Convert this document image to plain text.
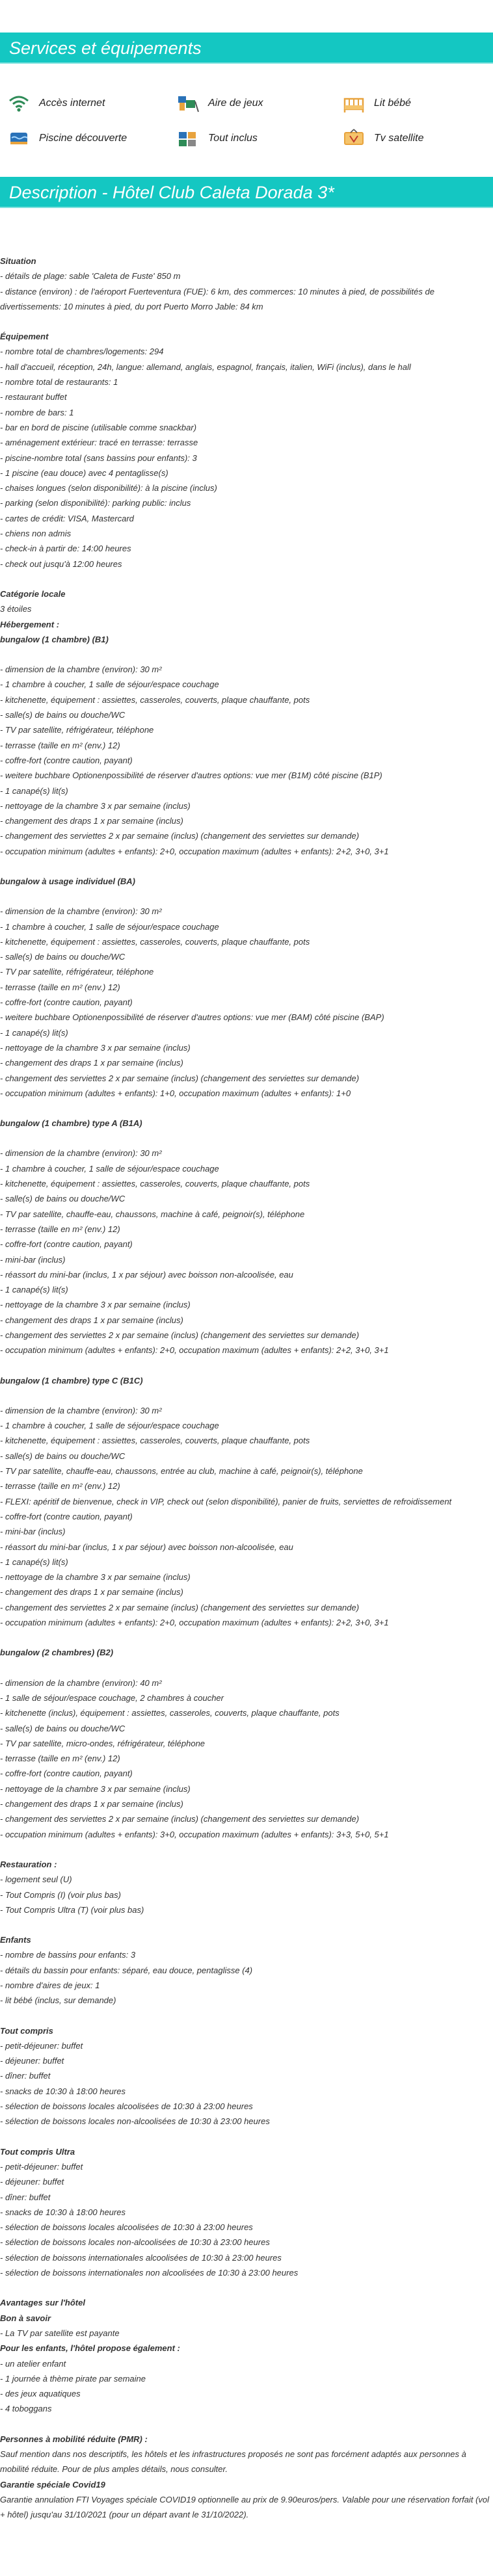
Services et équipements
Accès internet	Aire de jeux	Lit bébé
Piscine découverte	Tout inclus	Tv satellite
Description - Hôtel Club Caleta Dorada 3*
Situation
- détails de plage: sable 'Caleta de Fuste' 850 m
- distance (environ) : de l'aéroport Fuerteventura (FUE): 6 km, des commerces: 10 minutes à pied, de possibilités de divertissements: 10 minutes à pied, du port Puerto Morro Jable: 84 km
Équipement
- nombre total de chambres/logements: 294
- hall d'accueil, réception, 24h, langue: allemand, anglais, espagnol, français, italien, WiFi (inclus), dans le hall
- nombre total de restaurants: 1
- restaurant buffet
- nombre de bars: 1
- bar en bord de piscine (utilisable comme snackbar)
- aménagement extérieur: tracé en terrasse: terrasse
- piscine-nombre total (sans bassins pour enfants): 3
- 1 piscine (eau douce) avec 4 pentaglisse(s)
- chaises longues (selon disponibilité): à la piscine (inclus)
- parking (selon disponibilité): parking public: inclus
- cartes de crédit: VISA, Mastercard
- chiens non admis
- check-in à partir de: 14:00 heures
- check out jusqu'à 12:00 heures
Catégorie locale
3 étoiles
Hébergement :
bungalow (1 chambre) (B1)
- dimension de la chambre (environ): 30 m²
- 1 chambre à coucher, 1 salle de séjour/espace couchage
- kitchenette, équipement : assiettes, casseroles, couverts, plaque chauffante, pots
- salle(s) de bains ou douche/WC
- TV par satellite, réfrigérateur, téléphone
- terrasse (taille en m² (env.) 12)
- coffre-fort (contre caution, payant)
- weitere buchbare Optionenpossibilité de réserver d'autres options: vue mer (B1M) côté piscine (B1P)
- 1 canapé(s) lit(s)
- nettoyage de la chambre 3 x par semaine (inclus)
- changement des draps 1 x par semaine (inclus)
- changement des serviettes 2 x par semaine (inclus) (changement des serviettes sur demande)
- occupation minimum (adultes + enfants): 2+0, occupation maximum (adultes + enfants): 2+2, 3+0, 3+1
bungalow à usage individuel (BA)
- dimension de la chambre (environ): 30 m²
- 1 chambre à coucher, 1 salle de séjour/espace couchage
- kitchenette, équipement : assiettes, casseroles, couverts, plaque chauffante, pots
- salle(s) de bains ou douche/WC
- TV par satellite, réfrigérateur, téléphone
- terrasse (taille en m² (env.) 12)
- coffre-fort (contre caution, payant)
- weitere buchbare Optionenpossibilité de réserver d'autres options: vue mer (BAM) côté piscine (BAP)
- 1 canapé(s) lit(s)
- nettoyage de la chambre 3 x par semaine (inclus)
- changement des draps 1 x par semaine (inclus)
- changement des serviettes 2 x par semaine (inclus) (changement des serviettes sur demande)
- occupation minimum (adultes + enfants): 1+0, occupation maximum (adultes + enfants): 1+0
bungalow (1 chambre) type A (B1A)
- dimension de la chambre (environ): 30 m²
- 1 chambre à coucher, 1 salle de séjour/espace couchage
- kitchenette, équipement : assiettes, casseroles, couverts, plaque chauffante, pots
- salle(s) de bains ou douche/WC
- TV par satellite, chauffe-eau, chaussons, machine à café, peignoir(s), téléphone
- terrasse (taille en m² (env.) 12)
- coffre-fort (contre caution, payant)
- mini-bar (inclus)
- réassort du mini-bar (inclus, 1 x par séjour) avec boisson non-alcoolisée, eau
- 1 canapé(s) lit(s)
- nettoyage de la chambre 3 x par semaine (inclus)
- changement des draps 1 x par semaine (inclus)
- changement des serviettes 2 x par semaine (inclus) (changement des serviettes sur demande)
- occupation minimum (adultes + enfants): 2+0, occupation maximum (adultes + enfants): 2+2, 3+0, 3+1
bungalow (1 chambre) type C (B1C)
- dimension de la chambre (environ): 30 m²
- 1 chambre à coucher, 1 salle de séjour/espace couchage
- kitchenette, équipement : assiettes, casseroles, couverts, plaque chauffante, pots
- salle(s) de bains ou douche/WC
- TV par satellite, chauffe-eau, chaussons, entrée au club, machine à café, peignoir(s), téléphone
- terrasse (taille en m² (env.) 12)
- FLEXI: apéritif de bienvenue, check in VIP, check out (selon disponibilité), panier de fruits, serviettes de refroidissement
- coffre-fort (contre caution, payant)
- mini-bar (inclus)
- réassort du mini-bar (inclus, 1 x par séjour) avec boisson non-alcoolisée, eau
- 1 canapé(s) lit(s)
- nettoyage de la chambre 3 x par semaine (inclus)
- changement des draps 1 x par semaine (inclus)
- changement des serviettes 2 x par semaine (inclus) (changement des serviettes sur demande)
- occupation minimum (adultes + enfants): 2+0, occupation maximum (adultes + enfants): 2+2, 3+0, 3+1
bungalow (2 chambres) (B2)
- dimension de la chambre (environ): 40 m²
- 1 salle de séjour/espace couchage, 2 chambres à coucher
- kitchenette (inclus), équipement : assiettes, casseroles, couverts, plaque chauffante, pots
- salle(s) de bains ou douche/WC
- TV par satellite, micro-ondes, réfrigérateur, téléphone
- terrasse (taille en m² (env.) 12)
- coffre-fort (contre caution, payant)
- nettoyage de la chambre 3 x par semaine (inclus)
- changement des draps 1 x par semaine (inclus)
- changement des serviettes 2 x par semaine (inclus) (changement des serviettes sur demande)
- occupation minimum (adultes + enfants): 3+0, occupation maximum (adultes + enfants): 3+3, 5+0, 5+1
Restauration :
- logement seul (U)
- Tout Compris (I) (voir plus bas)
- Tout Compris Ultra (T) (voir plus bas)
Enfants
- nombre de bassins pour enfants: 3
- détails du bassin pour enfants: séparé, eau douce, pentaglisse (4)
- nombre d'aires de jeux: 1
- lit bébé (inclus, sur demande)
Tout compris
- petit-déjeuner: buffet
- déjeuner: buffet
- dîner: buffet
- snacks de 10:30 à 18:00 heures
- sélection de boissons locales alcoolisées de 10:30 à 23:00 heures
- sélection de boissons locales non-alcoolisées de 10:30 à 23:00 heures
Tout compris Ultra
- petit-déjeuner: buffet
- déjeuner: buffet
- dîner: buffet
- snacks de 10:30 à 18:00 heures
- sélection de boissons locales alcoolisées de 10:30 à 23:00 heures
- sélection de boissons locales non-alcoolisées de 10:30 à 23:00 heures
- sélection de boissons internationales alcoolisées de 10:30 à 23:00 heures
- sélection de boissons internationales non alcoolisées de 10:30 à 23:00 heures
Avantages sur l'hôtel
Bon à savoir
- La TV par satellite est payante
Pour les enfants, l'hôtel propose également :
- un atelier enfant
- 1 journée à thème pirate par semaine
- des jeux aquatiques
- 4 toboggans
Personnes à mobilité réduite (PMR) :
Sauf mention dans nos descriptifs, les hôtels et les infrastructures proposés ne sont pas forcément adaptés aux personnes à mobilité réduite. Pour de plus amples détails, nous consulter.
Garantie spéciale Covid19
Garantie annulation FTI Voyages spéciale COVID19 optionnelle au prix de 9.90euros/pers. Valable pour une réservation forfait (vol + hôtel) jusqu'au 31/10/2021 (pour un départ avant le 31/10/2022).
